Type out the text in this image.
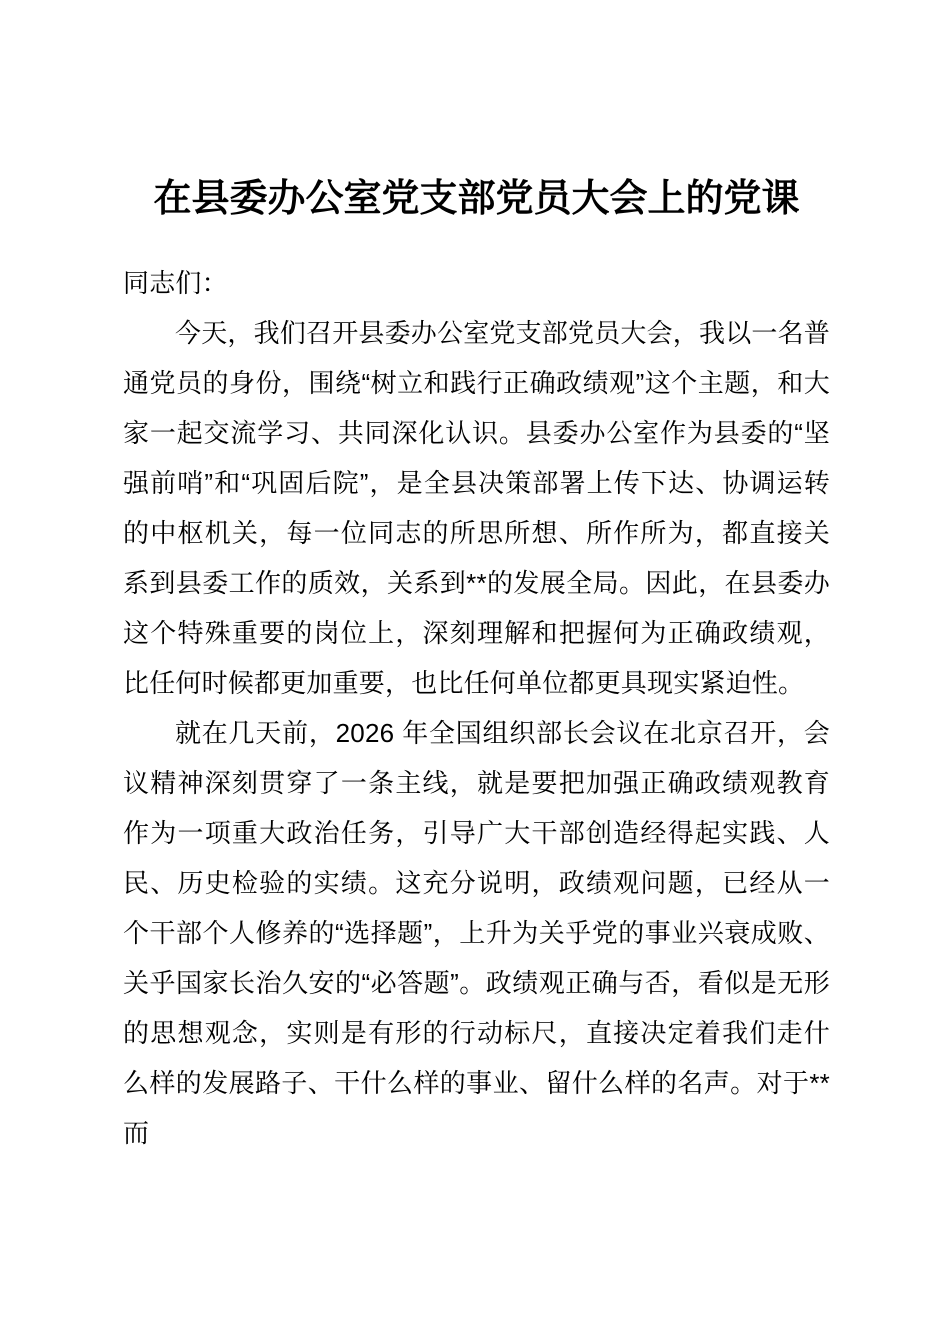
在县委办公室党支部党员大会上的党课

同志们：

今天，我们召开县委办公室党支部党员大会，我以一名普通党员的身份，围绕“树立和践行正确政绩观”这个主题，和大家一起交流学习、共同深化认识。县委办公室作为县委的“坚强前哨”和“巩固后院”，是全县决策部署上传下达、协调运转的中枢机关，每一位同志的所思所想、所作所为，都直接关系到县委工作的质效，关系到**的发展全局。因此，在县委办这个特殊重要的岗位上，深刻理解和把握何为正确政绩观，比任何时候都更加重要，也比任何单位都更具现实紧迫性。

就在几天前，2026 年全国组织部长会议在北京召开，会议精神深刻贯穿了一条主线，就是要把加强正确政绩观教育作为一项重大政治任务，引导广大干部创造经得起实践、人民、历史检验的实绩。这充分说明，政绩观问题，已经从一个干部个人修养的“选择题”，上升为关乎党的事业兴衰成败、关乎国家长治久安的“必答题”。政绩观正确与否，看似是无形的思想观念，实则是有形的行动标尺，直接决定着我们走什么样的发展路子、干什么样的事业、留什么样的名声。对于**而
